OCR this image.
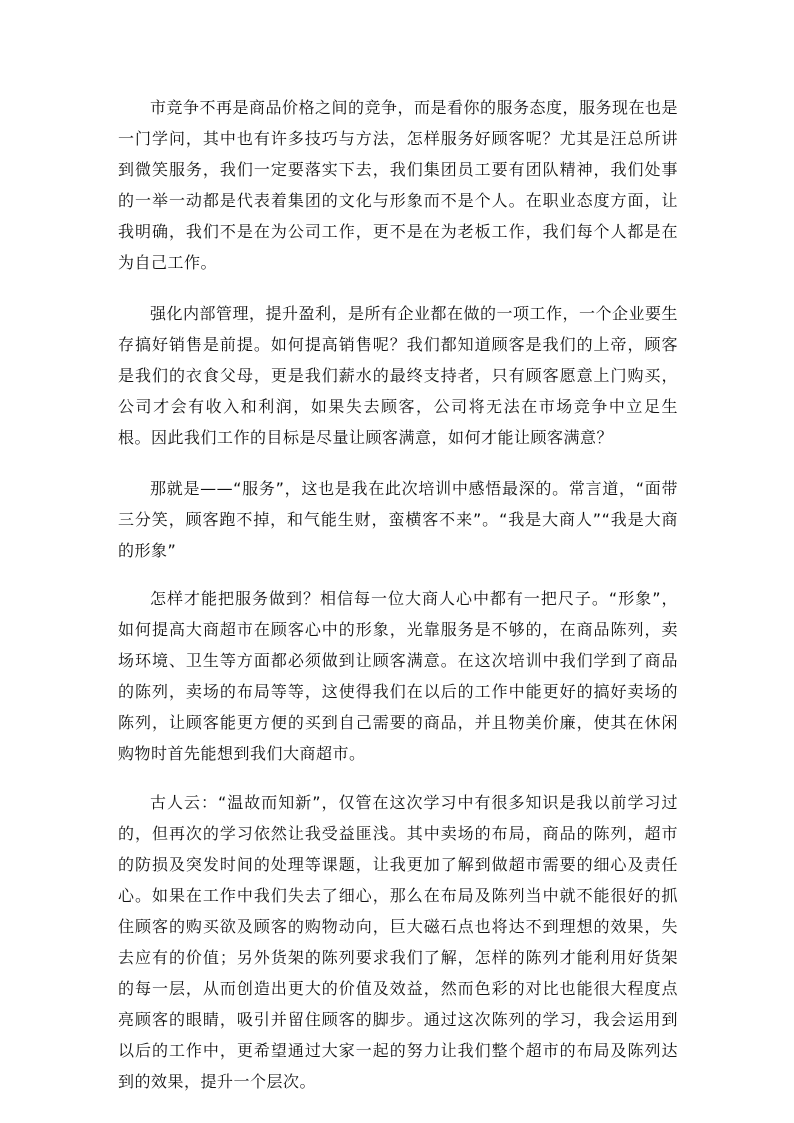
市竞争不再是商品价格之间的竞争，而是看你的服务态度，服务现在也是一门学问，其中也有许多技巧与方法，怎样服务好顾客呢？尤其是汪总所讲到微笑服务，我们一定要落实下去，我们集团员工要有团队精神，我们处事的一举一动都是代表着集团的文化与形象而不是个人。在职业态度方面，让我明确，我们不是在为公司工作，更不是在为老板工作，我们每个人都是在为自己工作。

强化内部管理，提升盈利，是所有企业都在做的一项工作，一个企业要生存搞好销售是前提。如何提高销售呢？我们都知道顾客是我们的上帝，顾客是我们的衣食父母，更是我们薪水的最终支持者，只有顾客愿意上门购买，公司才会有收入和利润，如果失去顾客，公司将无法在市场竞争中立足生根。因此我们工作的目标是尽量让顾客满意，如何才能让顾客满意？

那就是——“服务”，这也是我在此次培训中感悟最深的。常言道，“面带三分笑，顾客跑不掉，和气能生财，蛮横客不来”。“我是大商人”“我是大商的形象”

怎样才能把服务做到？相信每一位大商人心中都有一把尺子。“形象”，如何提高大商超市在顾客心中的形象，光靠服务是不够的，在商品陈列，卖场环境、卫生等方面都必须做到让顾客满意。在这次培训中我们学到了商品的陈列，卖场的布局等等，这使得我们在以后的工作中能更好的搞好卖场的陈列，让顾客能更方便的买到自己需要的商品，并且物美价廉，使其在休闲购物时首先能想到我们大商超市。

古人云：“温故而知新”，仅管在这次学习中有很多知识是我以前学习过的，但再次的学习依然让我受益匪浅。其中卖场的布局，商品的陈列，超市的防损及突发时间的处理等课题，让我更加了解到做超市需要的细心及责任心。如果在工作中我们失去了细心，那么在布局及陈列当中就不能很好的抓住顾客的购买欲及顾客的购物动向，巨大磁石点也将达不到理想的效果，失去应有的价值；另外货架的陈列要求我们了解，怎样的陈列才能利用好货架的每一层，从而创造出更大的价值及效益，然而色彩的对比也能很大程度点亮顾客的眼睛，吸引并留住顾客的脚步。通过这次陈列的学习，我会运用到以后的工作中，更希望通过大家一起的努力让我们整个超市的布局及陈列达到的效果，提升一个层次。
